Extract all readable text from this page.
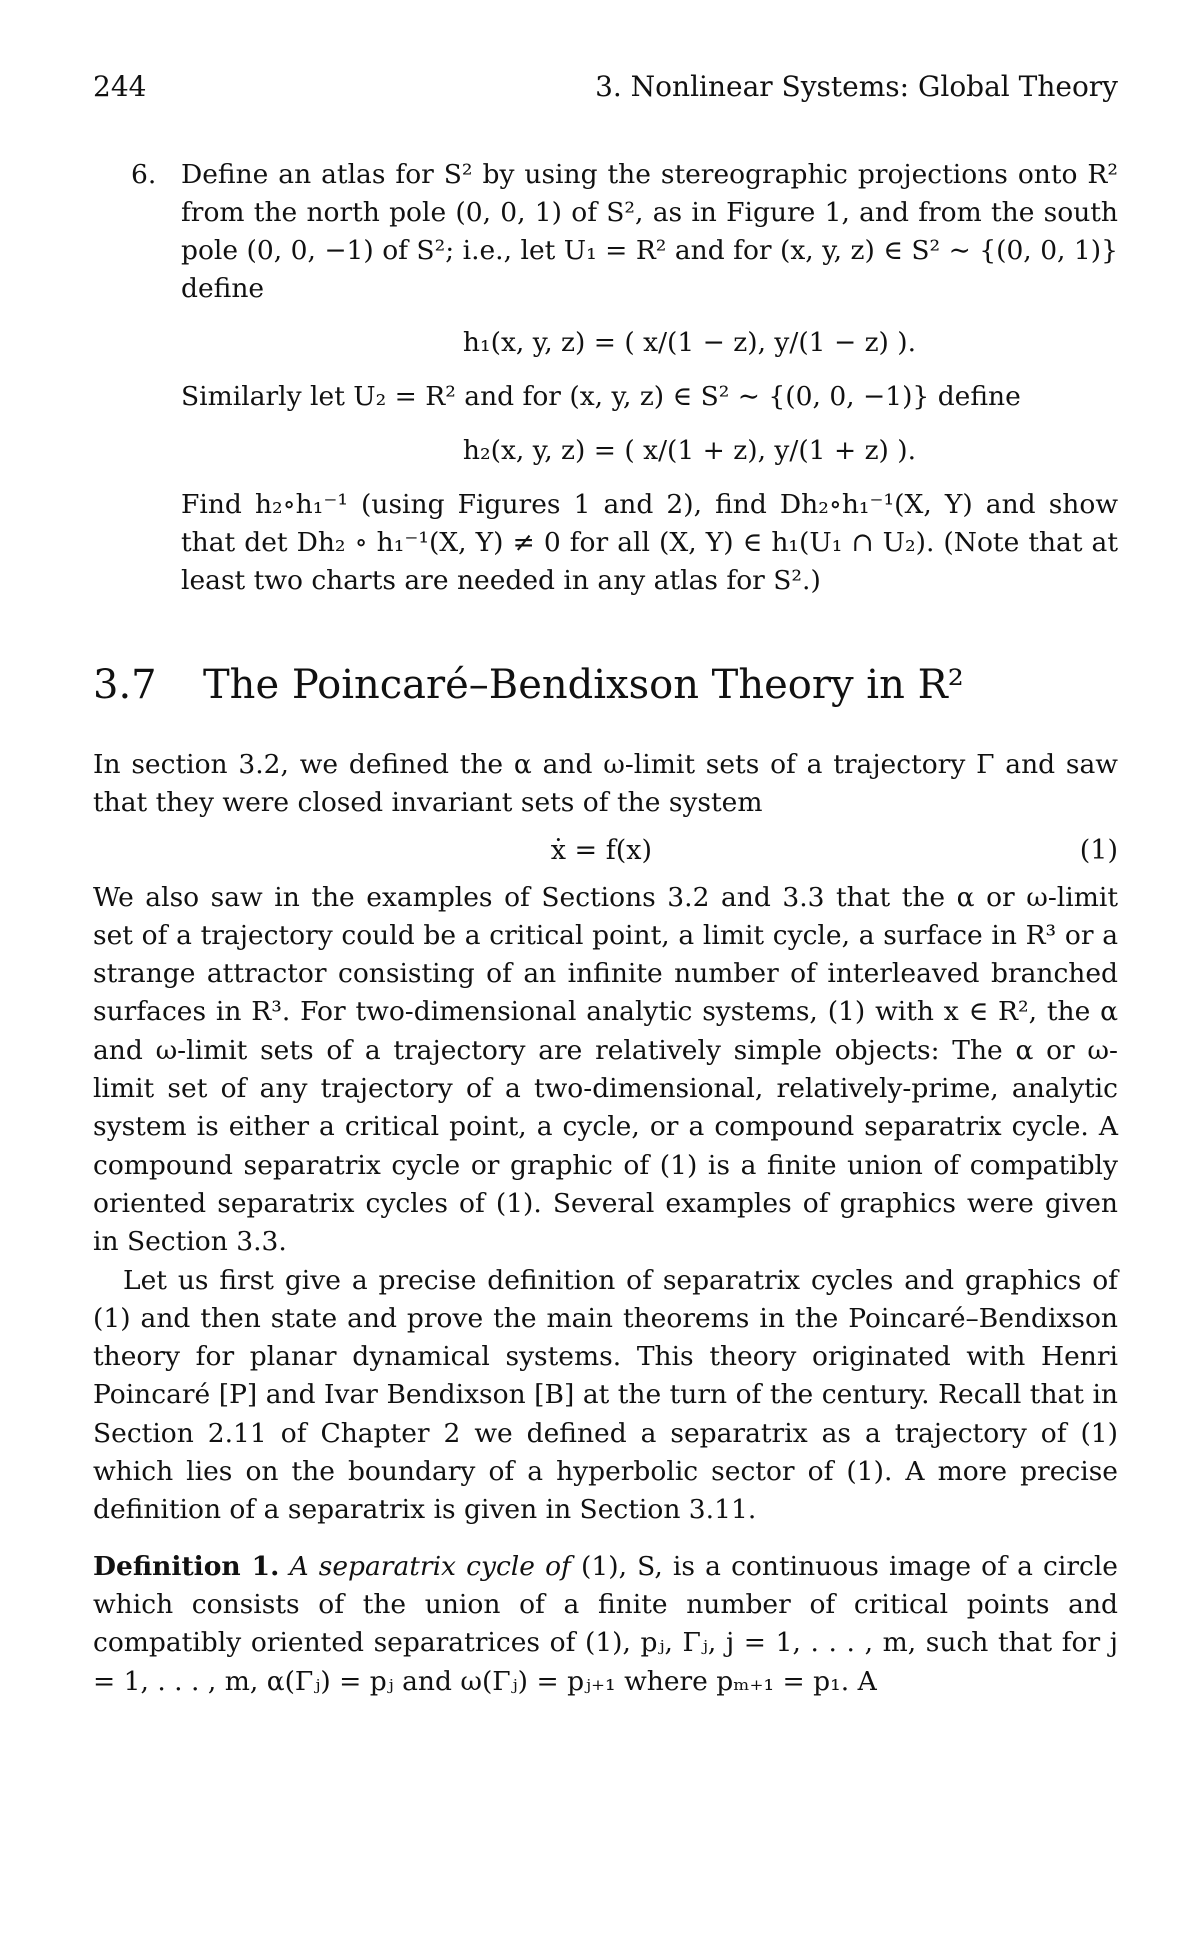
244	3. Nonlinear Systems: Global Theory
6. Define an atlas for S² by using the stereographic projections onto R² from the north pole (0, 0, 1) of S², as in Figure 1, and from the south pole (0, 0, −1) of S²; i.e., let U₁ = R² and for (x, y, z) ∈ S² ∼ {(0, 0, 1)} define
h₁(x, y, z) = ( x/(1 − z), y/(1 − z) ).
Similarly let U₂ = R² and for (x, y, z) ∈ S² ∼ {(0, 0, −1)} define
h₂(x, y, z) = ( x/(1 + z), y/(1 + z) ).
Find h₂∘h₁⁻¹ (using Figures 1 and 2), find Dh₂∘h₁⁻¹(X, Y) and show that det Dh₂ ∘ h₁⁻¹(X, Y) ≠ 0 for all (X, Y) ∈ h₁(U₁ ∩ U₂). (Note that at least two charts are needed in any atlas for S².)
3.7	The Poincaré–Bendixson Theory in R²

In section 3.2, we defined the α and ω-limit sets of a trajectory Γ and saw that they were closed invariant sets of the system

ẋ = f(x)	(1)

We also saw in the examples of Sections 3.2 and 3.3 that the α or ω-limit set of a trajectory could be a critical point, a limit cycle, a surface in R³ or a strange attractor consisting of an infinite number of interleaved branched surfaces in R³. For two-dimensional analytic systems, (1) with x ∈ R², the α and ω-limit sets of a trajectory are relatively simple objects: The α or ω-limit set of any trajectory of a two-dimensional, relatively-prime, analytic system is either a critical point, a cycle, or a compound separatrix cycle. A compound separatrix cycle or graphic of (1) is a finite union of compatibly oriented separatrix cycles of (1). Several examples of graphics were given in Section 3.3.

Let us first give a precise definition of separatrix cycles and graphics of (1) and then state and prove the main theorems in the Poincaré–Bendixson theory for planar dynamical systems. This theory originated with Henri Poincaré [P] and Ivar Bendixson [B] at the turn of the century. Recall that in Section 2.11 of Chapter 2 we defined a separatrix as a trajectory of (1) which lies on the boundary of a hyperbolic sector of (1). A more precise definition of a separatrix is given in Section 3.11.

Definition 1. A separatrix cycle of (1), S, is a continuous image of a circle which consists of the union of a finite number of critical points and compatibly oriented separatrices of (1), pⱼ, Γⱼ, j = 1, . . . , m, such that for j = 1, . . . , m, α(Γⱼ) = pⱼ and ω(Γⱼ) = pⱼ₊₁ where pₘ₊₁ = p₁. A
